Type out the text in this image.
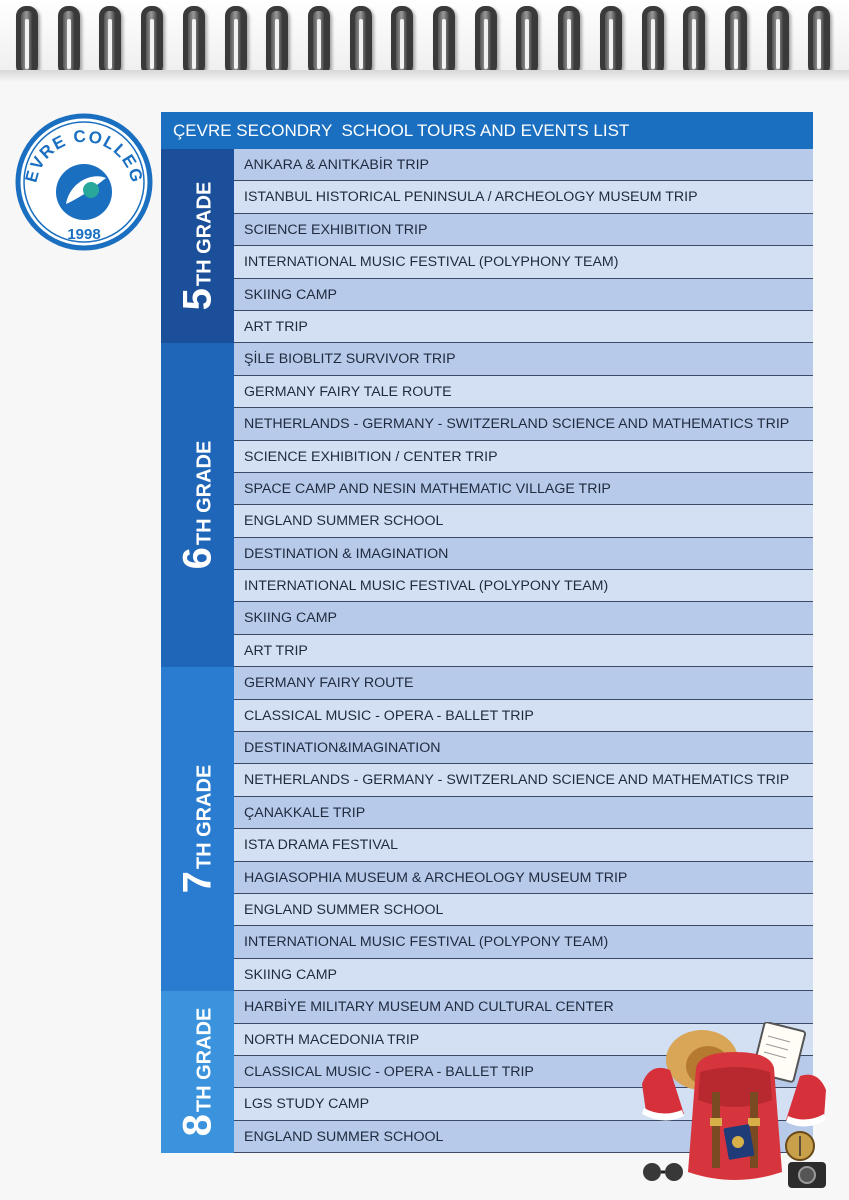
EVRE COLLEG
1998
ÇEVRE SECONDRY  SCHOOL TOURS AND EVENTS LIST
5
TH GRADE
ANKARA & ANITKABİR TRIP
ISTANBUL HISTORICAL PENINSULA / ARCHEOLOGY MUSEUM TRIP
SCIENCE EXHIBITION TRIP
INTERNATIONAL MUSIC FESTIVAL (POLYPHONY TEAM)
SKIING CAMP
ART TRIP
6
TH GRADE
ŞİLE BIOBLITZ SURVIVOR TRIP
GERMANY FAIRY TALE ROUTE
NETHERLANDS - GERMANY - SWITZERLAND SCIENCE AND MATHEMATICS TRIP
SCIENCE EXHIBITION / CENTER TRIP
SPACE CAMP AND NESIN MATHEMATIC VILLAGE TRIP
ENGLAND SUMMER SCHOOL
DESTINATION & IMAGINATION
INTERNATIONAL MUSIC FESTIVAL (POLYPONY TEAM)
SKIING CAMP
ART TRIP
7
TH GRADE
GERMANY FAIRY ROUTE
CLASSICAL MUSIC - OPERA - BALLET TRIP
DESTINATION&IMAGINATION
NETHERLANDS - GERMANY - SWITZERLAND SCIENCE AND MATHEMATICS TRIP
ÇANAKKALE TRIP
ISTA DRAMA FESTIVAL
HAGIASOPHIA MUSEUM & ARCHEOLOGY MUSEUM TRIP
ENGLAND SUMMER SCHOOL
INTERNATIONAL MUSIC FESTIVAL (POLYPONY TEAM)
SKIING CAMP
8
TH GRADE
HARBİYE MILITARY MUSEUM AND CULTURAL CENTER
NORTH MACEDONIA TRIP
CLASSICAL MUSIC - OPERA - BALLET TRIP
LGS STUDY CAMP
ENGLAND SUMMER SCHOOL
